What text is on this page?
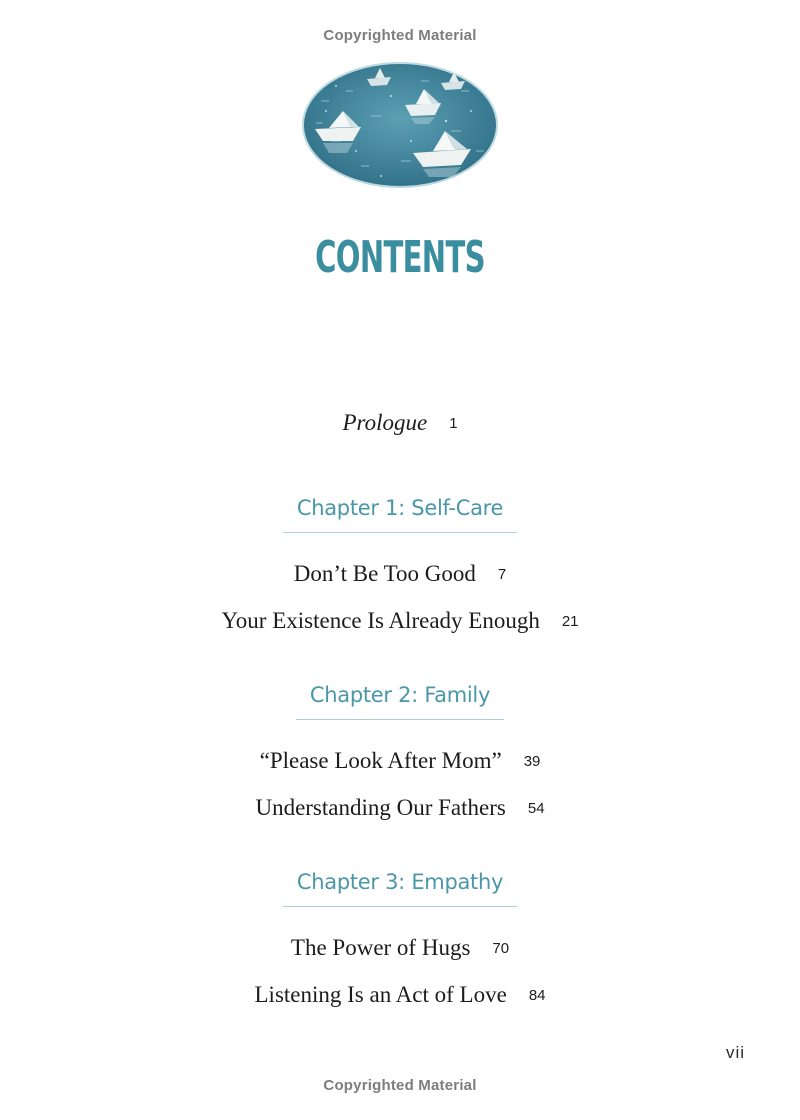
Copyrighted Material
CONTENTS
Prologue 1
Chapter 1: Self-Care
Don’t Be Too Good 7
Your Existence Is Already Enough 21
Chapter 2: Family
“Please Look After Mom” 39
Understanding Our Fathers 54
Chapter 3: Empathy
The Power of Hugs 70
Listening Is an Act of Love 84
vii
Copyrighted Material
